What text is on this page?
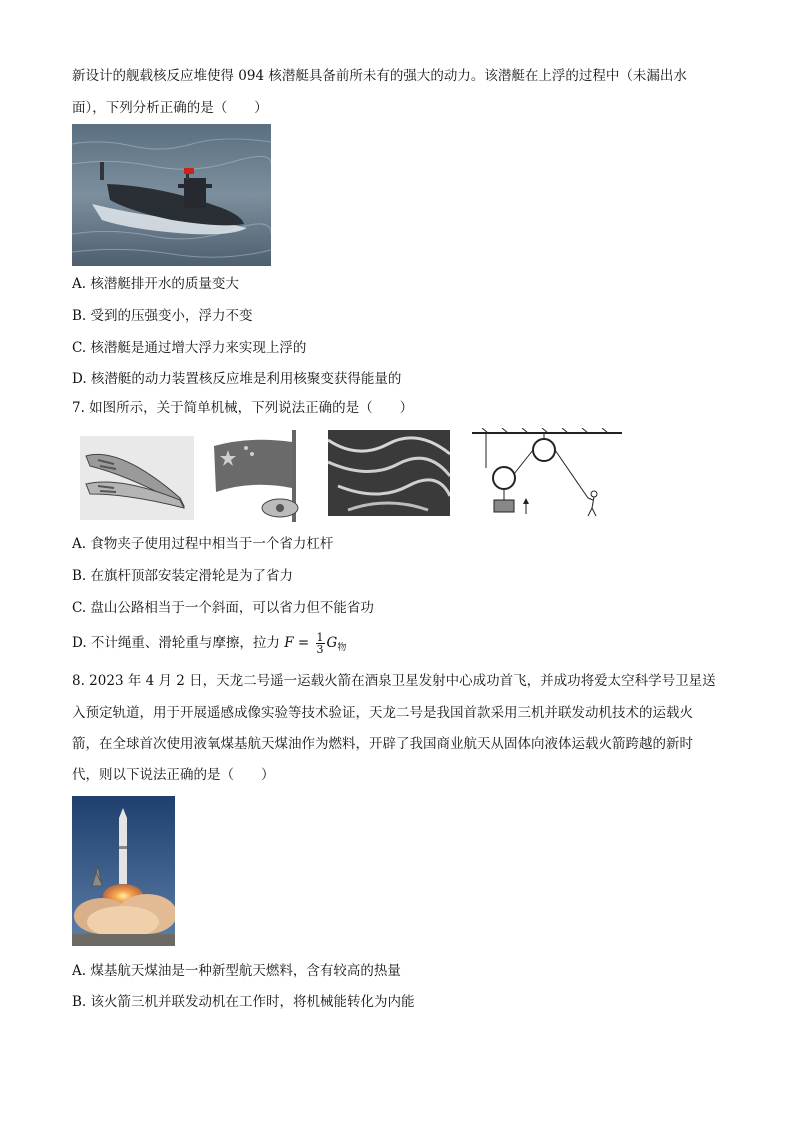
新设计的舰载核反应堆使得 094 核潜艇具备前所未有的强大的动力。该潜艇在上浮的过程中（未漏出水
面），下列分析正确的是（　　）
A. 核潜艇排开水的质量变大
B. 受到的压强变小，浮力不变
C. 核潜艇是通过增大浮力来实现上浮的
D. 核潜艇的动力装置核反应堆是利用核聚变获得能量的
7. 如图所示，关于简单机械，下列说法正确的是（　　）
A. 食物夹子使用过程中相当于一个省力杠杆
B. 在旗杆顶部安装定滑轮是为了省力
C. 盘山公路相当于一个斜面，可以省力但不能省功
D. 不计绳重、滑轮重与摩擦，拉力 $F = \frac{1}{3} G_物$
8. 2023 年 4 月 2 日，天龙二号遥一运载火箭在酒泉卫星发射中心成功首飞，并成功将爱太空科学号卫星送
入预定轨道，用于开展遥感成像实验等技术验证，天龙二号是我国首款采用三机并联发动机技术的运载火
箭，在全球首次使用液氧煤基航天煤油作为燃料，开辟了我国商业航天从固体向液体运载火箭跨越的新时
代，则以下说法正确的是（　　）
A. 煤基航天煤油是一种新型航天燃料，含有较高的热量
B. 该火箭三机并联发动机在工作时，将机械能转化为内能
